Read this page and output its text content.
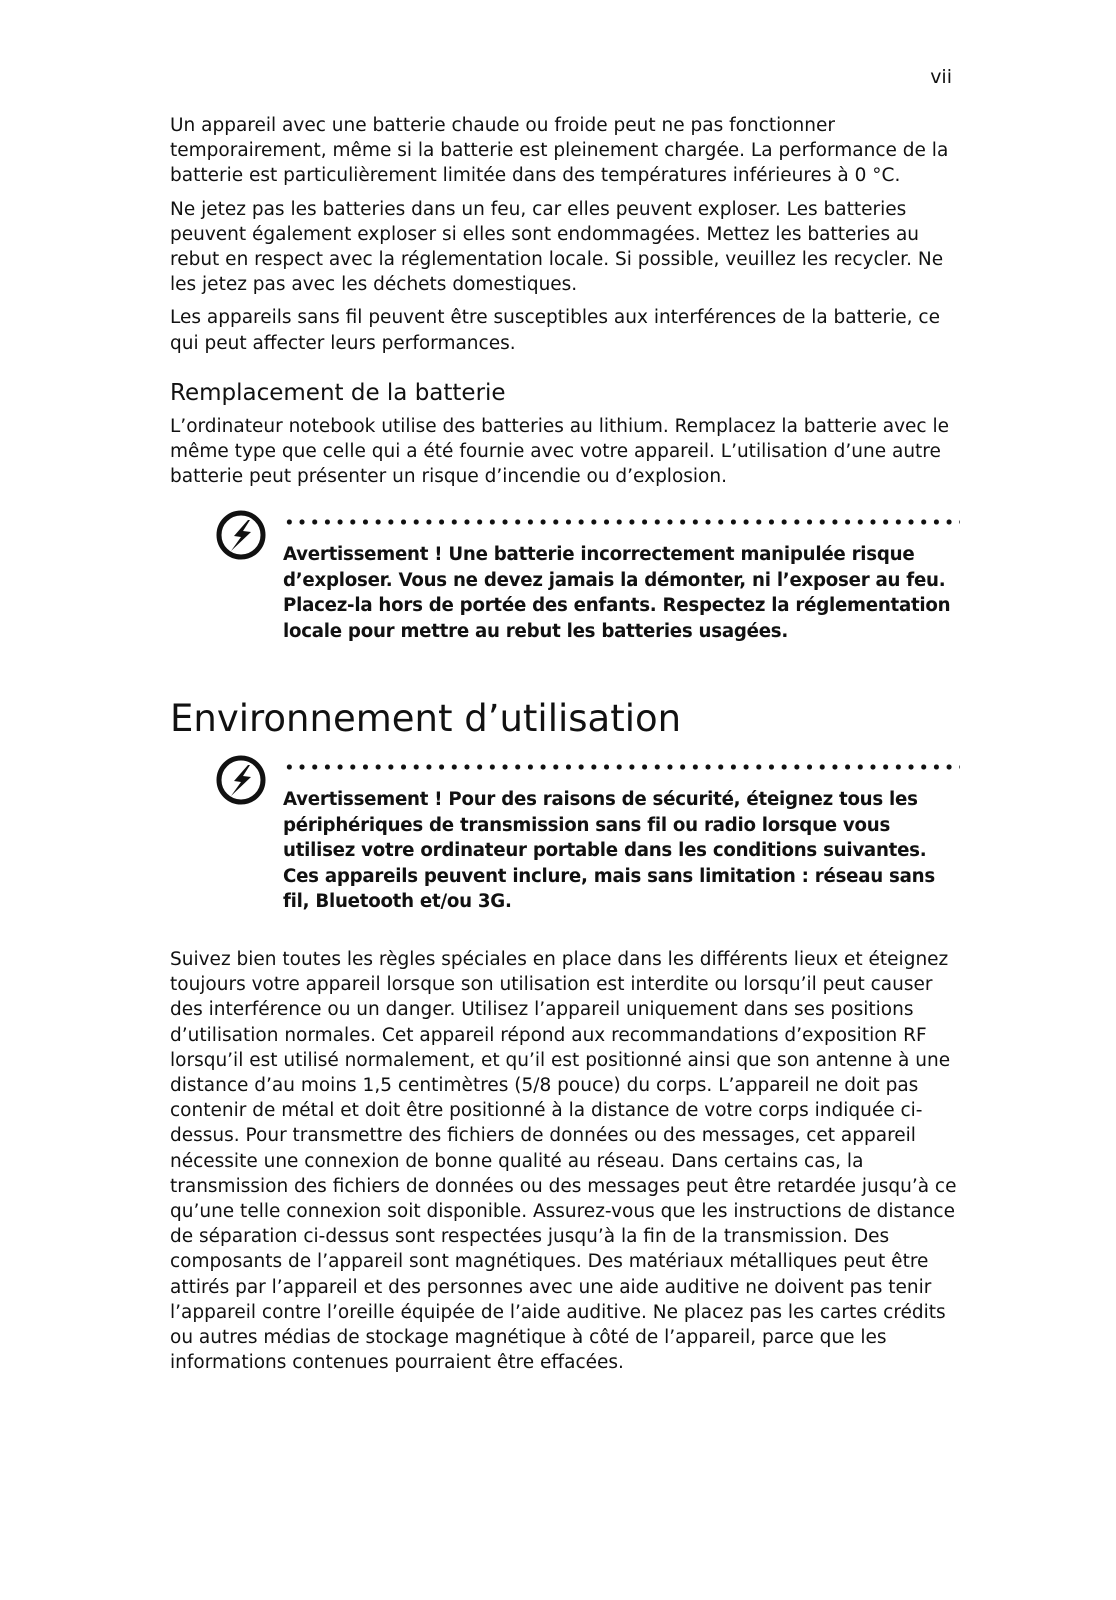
vii

Un appareil avec une batterie chaude ou froide peut ne pas fonctionner temporairement, même si la batterie est pleinement chargée. La performance de la batterie est particulièrement limitée dans des températures inférieures à 0 °C.

Ne jetez pas les batteries dans un feu, car elles peuvent exploser. Les batteries peuvent également exploser si elles sont endommagées. Mettez les batteries au rebut en respect avec la réglementation locale. Si possible, veuillez les recycler. Ne les jetez pas avec les déchets domestiques.

Les appareils sans fil peuvent être susceptibles aux interférences de la batterie, ce qui peut affecter leurs performances.

Remplacement de la batterie

L’ordinateur notebook utilise des batteries au lithium. Remplacez la batterie avec le même type que celle qui a été fournie avec votre appareil. L’utilisation d’une autre batterie peut présenter un risque d’incendie ou d’explosion.

Avertissement ! Une batterie incorrectement manipulée risque d’exploser. Vous ne devez jamais la démonter, ni l’exposer au feu. Placez-la hors de portée des enfants. Respectez la réglementation locale pour mettre au rebut les batteries usagées.

Environnement d’utilisation

Avertissement ! Pour des raisons de sécurité, éteignez tous les périphériques de transmission sans fil ou radio lorsque vous utilisez votre ordinateur portable dans les conditions suivantes. Ces appareils peuvent inclure, mais sans limitation : réseau sans fil, Bluetooth et/ou 3G.

Suivez bien toutes les règles spéciales en place dans les différents lieux et éteignez toujours votre appareil lorsque son utilisation est interdite ou lorsqu’il peut causer des interférence ou un danger. Utilisez l’appareil uniquement dans ses positions d’utilisation normales. Cet appareil répond aux recommandations d’exposition RF lorsqu’il est utilisé normalement, et qu’il est positionné ainsi que son antenne à une distance d’au moins 1,5 centimètres (5/8 pouce) du corps. L’appareil ne doit pas contenir de métal et doit être positionné à la distance de votre corps indiquée ci-dessus. Pour transmettre des fichiers de données ou des messages, cet appareil nécessite une connexion de bonne qualité au réseau. Dans certains cas, la transmission des fichiers de données ou des messages peut être retardée jusqu’à ce qu’une telle connexion soit disponible. Assurez-vous que les instructions de distance de séparation ci-dessus sont respectées jusqu’à la fin de la transmission. Des composants de l’appareil sont magnétiques. Des matériaux métalliques peut être attirés par l’appareil et des personnes avec une aide auditive ne doivent pas tenir l’appareil contre l’oreille équipée de l’aide auditive. Ne placez pas les cartes crédits ou autres médias de stockage magnétique à côté de l’appareil, parce que les informations contenues pourraient être effacées.
